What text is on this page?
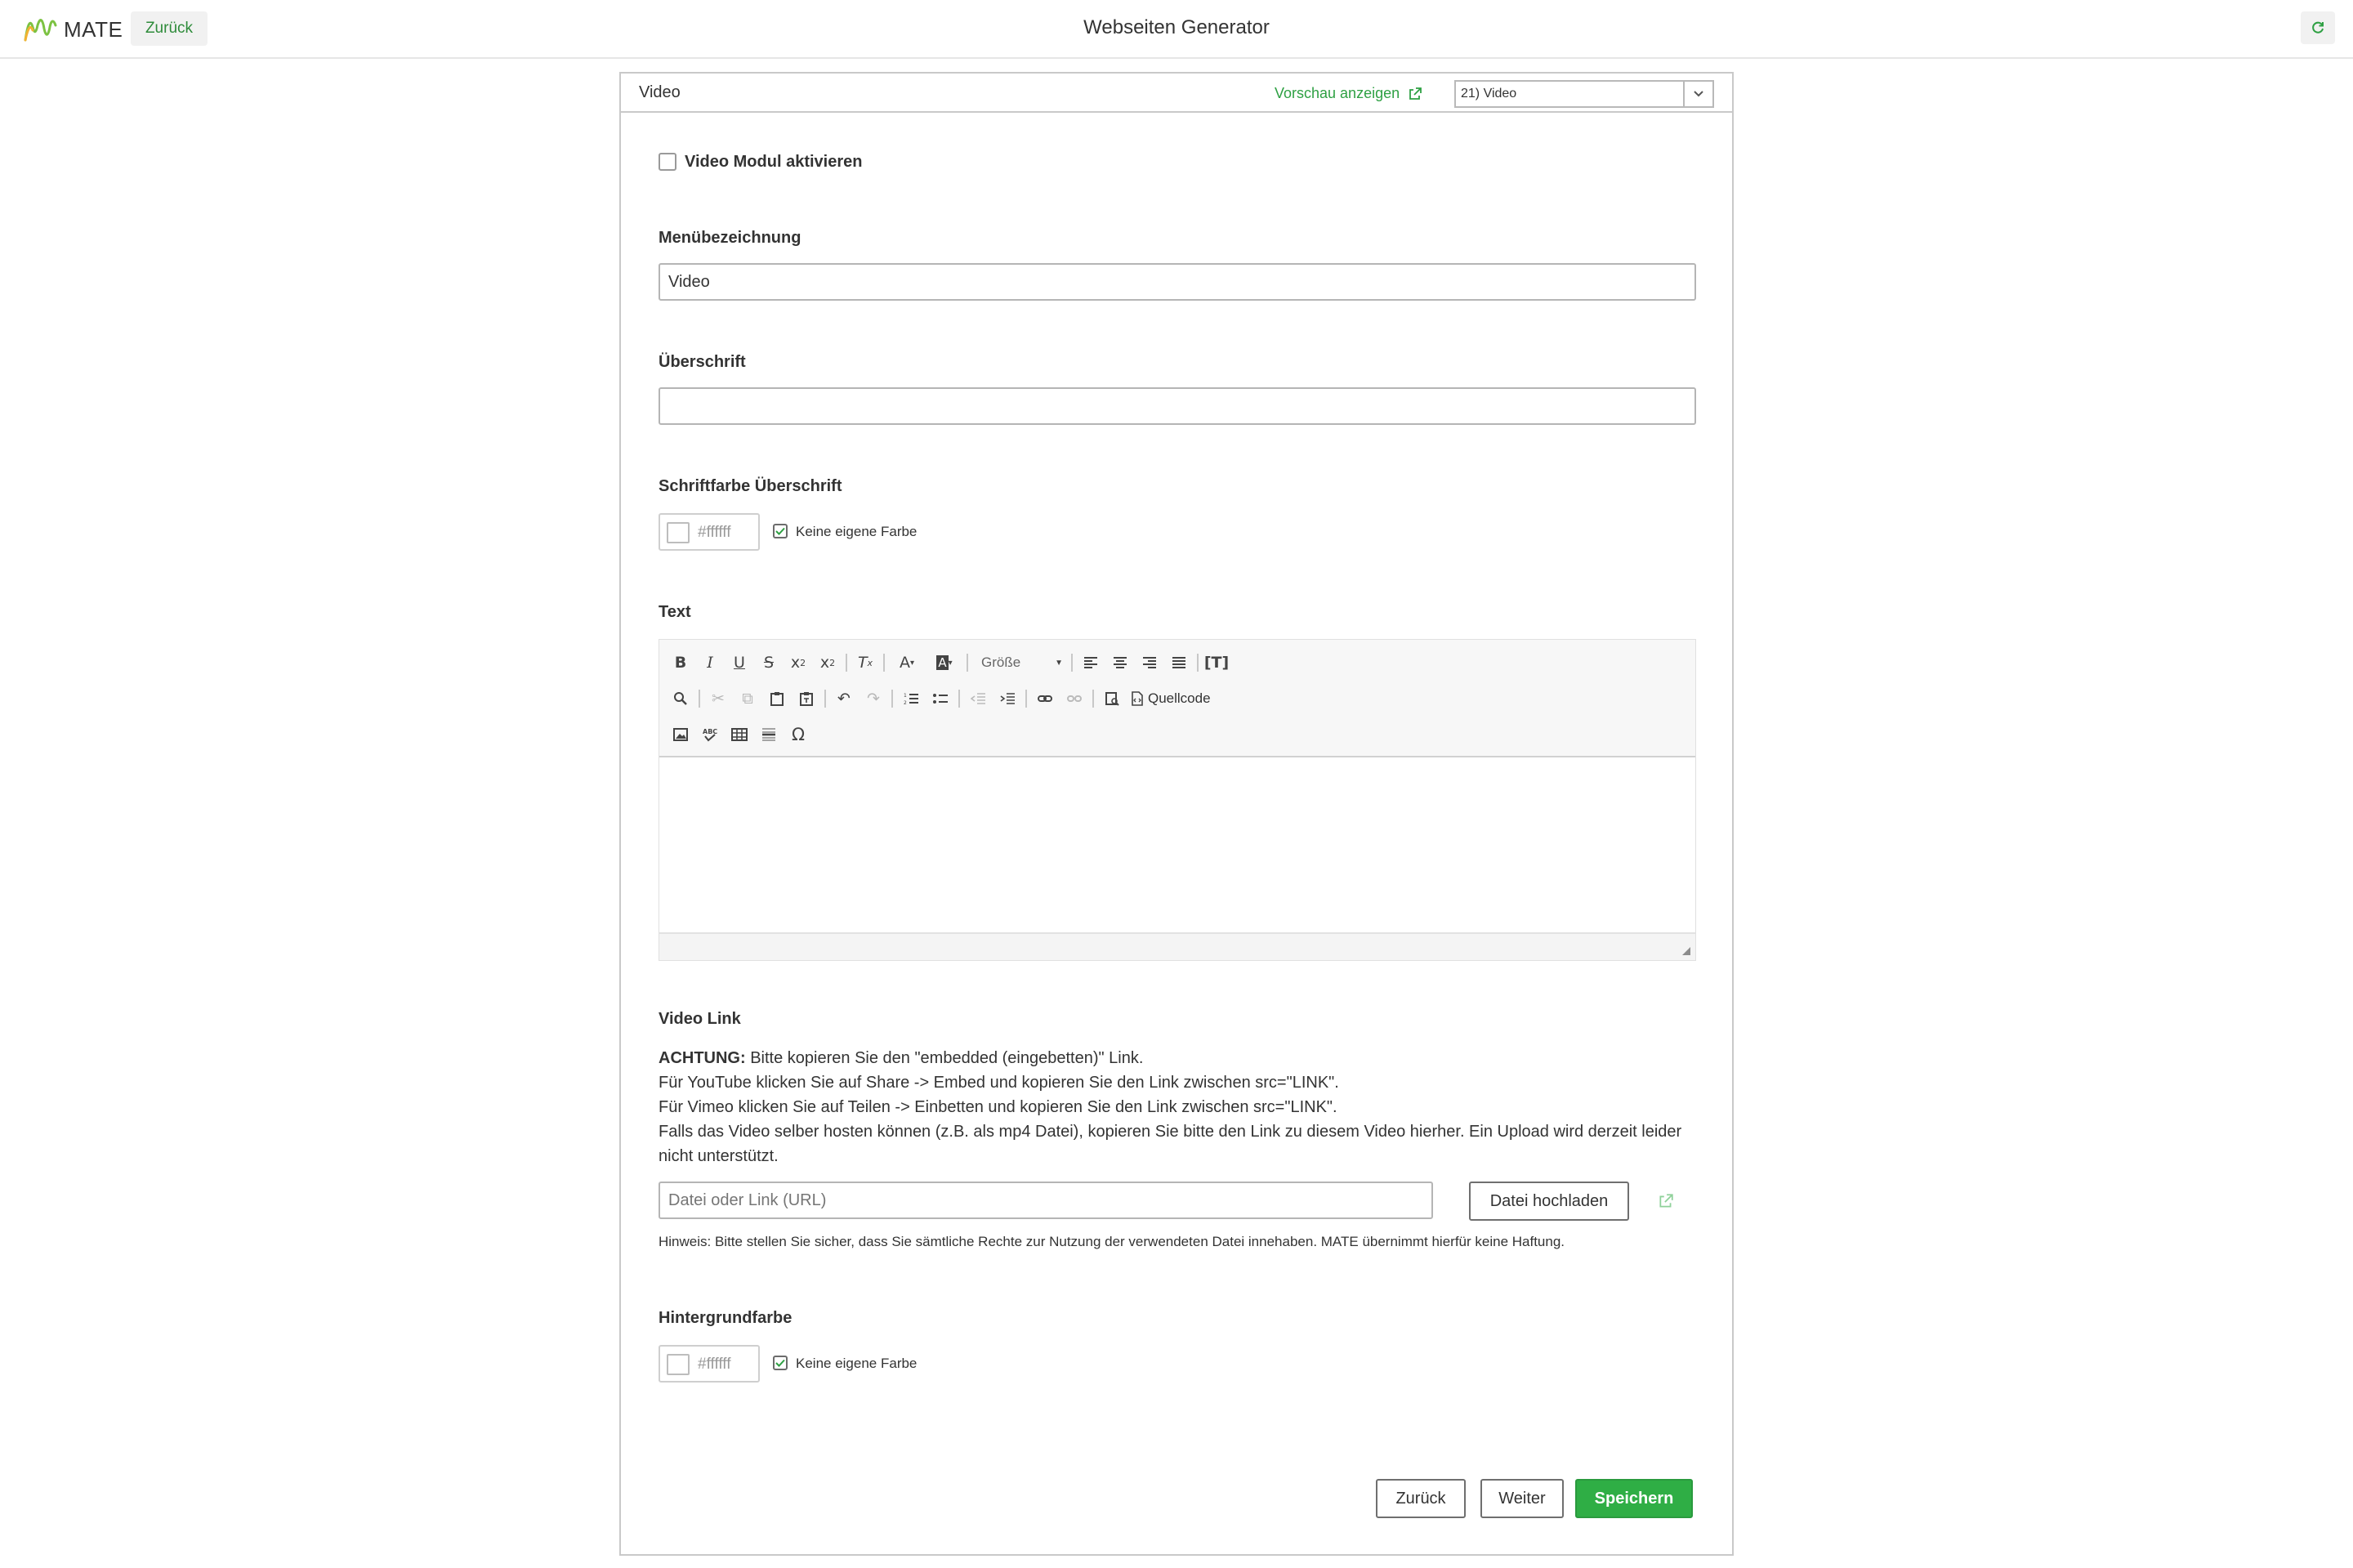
MATE	Zurück	Webseiten Generator
Video	Vorschau anzeigen	21) Video
Video Modul aktivieren
Menübezeichnung
Video
Überschrift
Schriftfarbe Überschrift
#ffffff	Keine eigene Farbe
Text
B	I	U	S	x 2 x 2	T x	A ▾ A ▾ Größe	▼	[T]
✂	⧉	↶	↷	1
2	Quellcode
ABC	Ω
Video Link
ACHTUNG: Bitte kopieren Sie den "embedded (eingebetten)" Link.
Für YouTube klicken Sie auf Share -> Embed und kopieren Sie den Link zwischen src="LINK".
Für Vimeo klicken Sie auf Teilen -> Einbetten und kopieren Sie den Link zwischen src="LINK".
Falls das Video selber hosten können (z.B. als mp4 Datei), kopieren Sie bitte den Link zu diesem Video hierher. Ein Upload wird derzeit leider nicht unterstützt.
Datei oder Link (URL)
Datei hochladen
Hinweis: Bitte stellen Sie sicher, dass Sie sämtliche Rechte zur Nutzung der verwendeten Datei innehaben. MATE übernimmt hierfür keine Haftung.
Hintergrundfarbe
#ffffff	Keine eigene Farbe
Zurück	Weiter	Speichern
